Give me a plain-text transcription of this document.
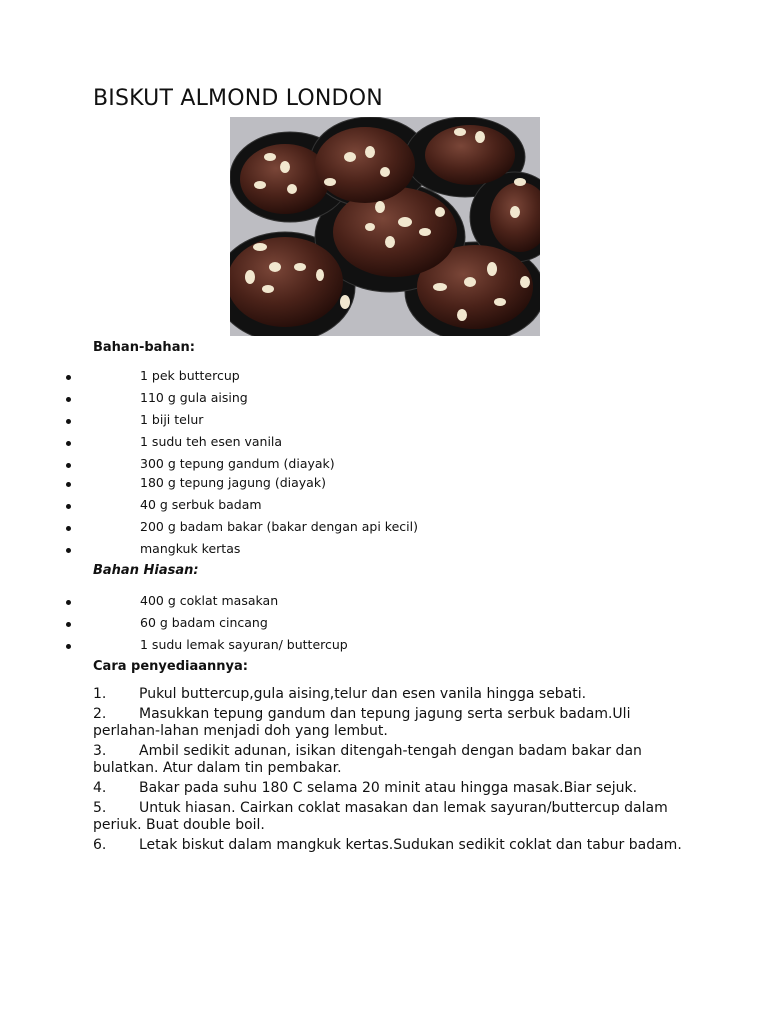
BISKUT ALMOND LONDON
Bahan-bahan:
1 pek buttercup
110 g gula aising
1 biji telur
1 sudu teh esen vanila
300 g tepung gandum (diayak)
180 g tepung jagung (diayak)
40 g serbuk badam
200 g badam bakar (bakar dengan api kecil)
mangkuk kertas
Bahan Hiasan:
400 g coklat masakan
60 g badam cincang
1 sudu lemak sayuran/ buttercup
Cara penyediaannya:
1. Pukul buttercup,gula aising,telur dan esen vanila hingga sebati.
2. Masukkan tepung gandum dan tepung jagung serta serbuk badam.Uli perlahan-lahan menjadi doh yang lembut.
3. Ambil sedikit adunan, isikan ditengah-tengah dengan badam bakar dan bulatkan. Atur dalam tin pembakar.
4. Bakar pada suhu 180 C selama 20 minit atau hingga masak.Biar sejuk.
5. Untuk hiasan. Cairkan coklat masakan dan lemak sayuran/buttercup dalam periuk. Buat double boil.
6. Letak biskut dalam mangkuk kertas.Sudukan sedikit coklat dan tabur badam.
